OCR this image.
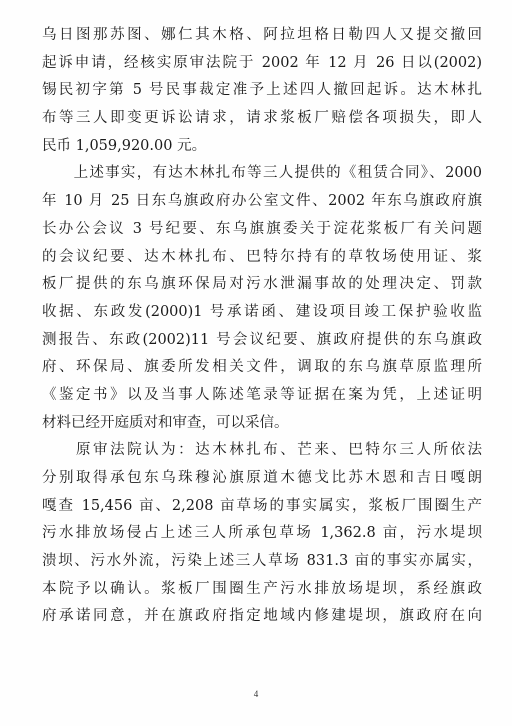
乌日图那苏图、娜仁其木格、阿拉坦格日勒四人又提交撤回
起诉申请，经核实原审法院于 2002 年 12 月 26 日以(2002)
锡民初字第 5 号民事裁定准予上述四人撤回起诉。达木林扎
布等三人即变更诉讼请求，请求浆板厂赔偿各项损失，即人
民币 1,059,920.00 元。
　　上述事实，有达木林扎布等三人提供的《租赁合同》、2000
年 10 月 25 日东乌旗政府办公室文件、2002 年东乌旗政府旗
长办公会议 3 号纪要、东乌旗旗委关于淀花浆板厂有关问题
的会议纪要、达木林扎布、巴特尔持有的草牧场使用证、浆
板厂提供的东乌旗环保局对污水泄漏事故的处理决定、罚款
收据、东政发(2000)1 号承诺函、建设项目竣工保护验收监
测报告、东政(2002)11 号会议纪要、旗政府提供的东乌旗政
府、环保局、旗委所发相关文件，调取的东乌旗草原监理所
《鉴定书》以及当事人陈述笔录等证据在案为凭，上述证明
材料已经开庭质对和审查，可以采信。
　　原审法院认为：达木林扎布、芒来、巴特尔三人所依法
分别取得承包东乌珠穆沁旗原道木德戈比苏木恩和吉日嘎朗
嘎查 15,456 亩、2,208 亩草场的事实属实，浆板厂围圈生产
污水排放场侵占上述三人所承包草场 1,362.8 亩，污水堤坝
溃坝、污水外流，污染上述三人草场 831.3 亩的事实亦属实，
本院予以确认。浆板厂围圈生产污水排放场堤坝，系经旗政
府承诺同意，并在旗政府指定地域内修建堤坝，旗政府在向
4
